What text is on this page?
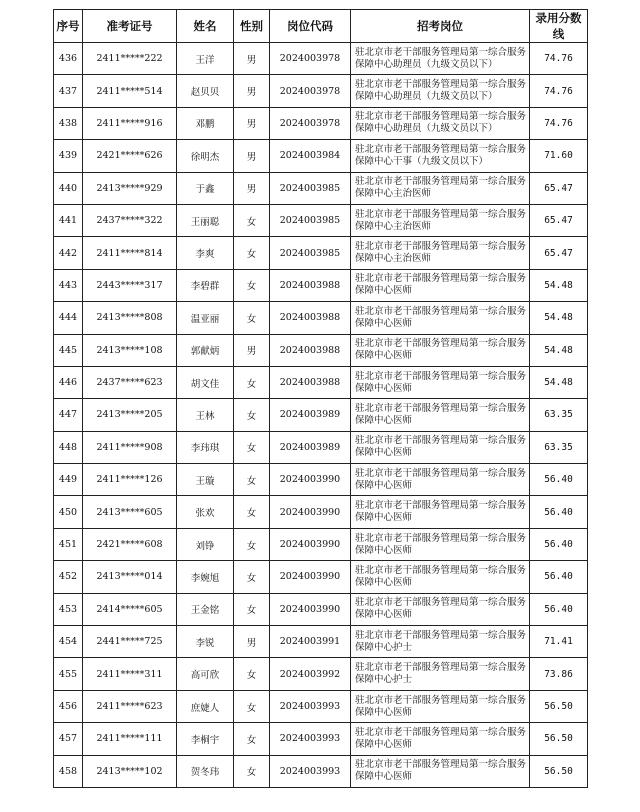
序号	准考证号	姓名	性别	岗位代码	招考岗位	录用分数线
436	2411*****222	王洋	男	2024003978	驻北京市老干部服务管理局第一综合服务保障中心助理员（九级文员以下）	74.76
437	2411*****514	赵贝贝	男	2024003978	驻北京市老干部服务管理局第一综合服务保障中心助理员（九级文员以下）	74.76
438	2411*****916	邓鹏	男	2024003978	驻北京市老干部服务管理局第一综合服务保障中心助理员（九级文员以下）	74.76
439	2421*****626	徐明杰	男	2024003984	驻北京市老干部服务管理局第一综合服务保障中心干事（九级文员以下）	71.60
440	2413*****929	于鑫	男	2024003985	驻北京市老干部服务管理局第一综合服务保障中心主治医师	65.47
441	2437*****322	王丽聪	女	2024003985	驻北京市老干部服务管理局第一综合服务保障中心主治医师	65.47
442	2411*****814	李爽	女	2024003985	驻北京市老干部服务管理局第一综合服务保障中心主治医师	65.47
443	2443*****317	李碧群	女	2024003988	驻北京市老干部服务管理局第一综合服务保障中心医师	54.48
444	2413*****808	温亚丽	女	2024003988	驻北京市老干部服务管理局第一综合服务保障中心医师	54.48
445	2413*****108	郭献炳	男	2024003988	驻北京市老干部服务管理局第一综合服务保障中心医师	54.48
446	2437*****623	胡文佳	女	2024003988	驻北京市老干部服务管理局第一综合服务保障中心医师	54.48
447	2413*****205	王林	女	2024003989	驻北京市老干部服务管理局第一综合服务保障中心医师	63.35
448	2411*****908	李玮琪	女	2024003989	驻北京市老干部服务管理局第一综合服务保障中心医师	63.35
449	2411*****126	王璇	女	2024003990	驻北京市老干部服务管理局第一综合服务保障中心医师	56.40
450	2413*****605	张欢	女	2024003990	驻北京市老干部服务管理局第一综合服务保障中心医师	56.40
451	2421*****608	刘铮	女	2024003990	驻北京市老干部服务管理局第一综合服务保障中心医师	56.40
452	2413*****014	李婉旭	女	2024003990	驻北京市老干部服务管理局第一综合服务保障中心医师	56.40
453	2414*****605	王金铭	女	2024003990	驻北京市老干部服务管理局第一综合服务保障中心医师	56.40
454	2441*****725	李锐	男	2024003991	驻北京市老干部服务管理局第一综合服务保障中心护士	71.41
455	2411*****311	高可欣	女	2024003992	驻北京市老干部服务管理局第一综合服务保障中心护士	73.86
456	2411*****623	庶婕人	女	2024003993	驻北京市老干部服务管理局第一综合服务保障中心医师	56.50
457	2411*****111	李桐宇	女	2024003993	驻北京市老干部服务管理局第一综合服务保障中心医师	56.50
458	2413*****102	贺冬玮	女	2024003993	驻北京市老干部服务管理局第一综合服务保障中心医师	56.50
